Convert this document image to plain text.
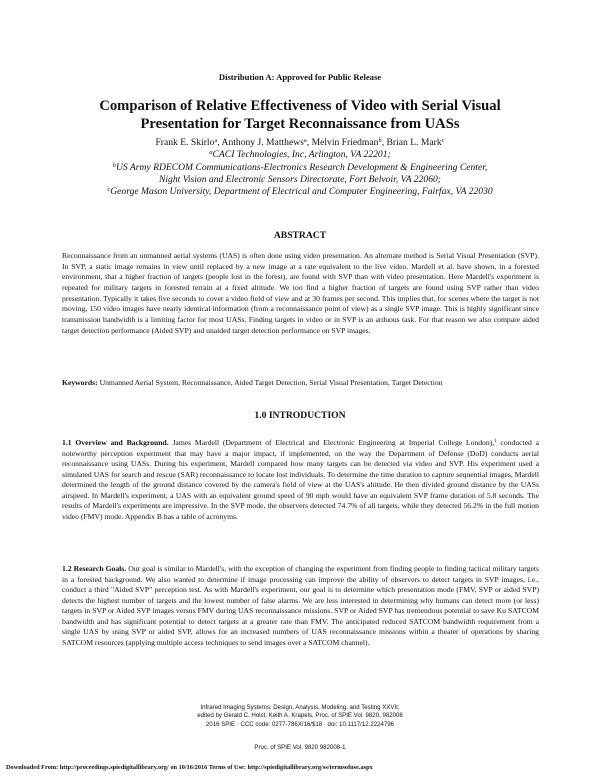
Distribution A: Approved for Public Release
Comparison of Relative Effectiveness of Video with Serial Visual
Presentation for Target Reconnaissance from UASs
Frank E. Skirlo$^a$, Anthony J. Matthews$^a$, Melvin Friedman$^b$, Brian L. Mark$^c$
$^a$CACI Technologies, Inc, Arlington, VA 22201;
$^b$US Army RDECOM Communications-Electronics Research Development & Engineering Center,
Night Vision and Electronic Sensors Directorate, Fort Belvoir, VA 22060;
$^c$George Mason University, Department of Electrical and Computer Engineering, Fairfax, VA 22030
ABSTRACT

Reconnaissance from an unmanned aerial systems (UAS) is often done using video presentation. An alternate method is Serial Visual Presentation (SVP). In SVP, a static image remains in view until replaced by a new image at a rate equivalent to the live video. Mardell et al. have shown, in a forested environment, that a higher fraction of targets (people lost in the forest), are found with SVP than with video presentation. Here Mardell's experiment is repeated for military targets in forested terrain at a fixed altitude. We too find a higher fraction of targets are found using SVP rather than video presentation. Typically it takes five seconds to cover a video field of view and at 30 frames per second. This implies that, for scenes where the target is not moving, 150 video images have nearly identical information (from a reconnaissance point of view) as a single SVP image. This is highly significant since transmission bandwidth is a limiting factor for most UASs. Finding targets in video or in SVP is an arduous task. For that reason we also compare aided target detection performance (Aided SVP) and unaided target detection performance on SVP images.

Keywords: Unmanned Aerial System, Reconnaissance, Aided Target Detection, Serial Visual Presentation, Target Detection

1.0 INTRODUCTION

1.1 Overview and Background. James Mardell (Department of Electrical and Electronic Engineering at Imperial College London),$^1$ conducted a noteworthy perception experiment that may have a major impact, if implemented, on the way the Department of Defense (DoD) conducts aerial reconnaissance using UASs. During his experiment, Mardell compared how many targets can be detected via video and SVP. His experiment used a simulated UAS for search and rescue (SAR) reconnaissance to locate lost individuals. To determine the time duration to capture sequential images, Mardell determined the length of the ground distance covered by the camera's field of view at the UAS's altitude. He then divided ground distance by the UASs airspeed. In Mardell's experiment, a UAS with an equivalent ground speed of 90 mph would have an equivalent SVP frame duration of 5.8 seconds. The results of Mardell's experiments are impressive. In the SVP mode, the observers detected 74.7% of all targets, while they detected 56.2% in the full motion video (FMV) mode. Appendix B has a table of acronyms.

1.2 Research Goals. Our goal is similar to Mardell's, with the exception of changing the experiment from finding people to finding tactical military targets in a forested background. We also wanted to determine if image processing can improve the ability of observers to detect targets in SVP images, i.e., conduct a third "Aided SVP" perception test. As with Mardell's experiment, our goal is to determine which presentation mode (FMV, SVP or aided SVP) detects the highest number of targets and the lowest number of false alarms. We are less interested in determining why humans can detect more (or less) targets in SVP or Aided SVP images versus FMV during UAS reconnaissance missions. SVP or Aided SVP has tremendous potential to save Ku SATCOM bandwidth and has significant potential to detect targets at a greater rate than FMV. The anticipated reduced SATCOM bandwidth requirement from a single UAS by using SVP or aided SVP, allows for an increased numbers of UAS reconnaissance missions within a theater of operations by sharing SATCOM resources (applying multiple access techniques to send images over a SATCOM channel).

Infrared Imaging Systems: Design, Analysis, Modeling, and Testing XXVII,
edited by Gerald C. Holst, Keith A. Krapels, Proc. of SPIE Vol. 9820, 982008
2016 SPIE · CCC code: 0277-786X/16/$18 · doi: 10.1117/12.2224796
Proc. of SPIE Vol. 9820 982008-1
Downloaded From: http://proceedings.spiedigitallibrary.org/ on 10/16/2016 Terms of Use: http://spiedigitallibrary.org/ss/termsofuse.aspx
